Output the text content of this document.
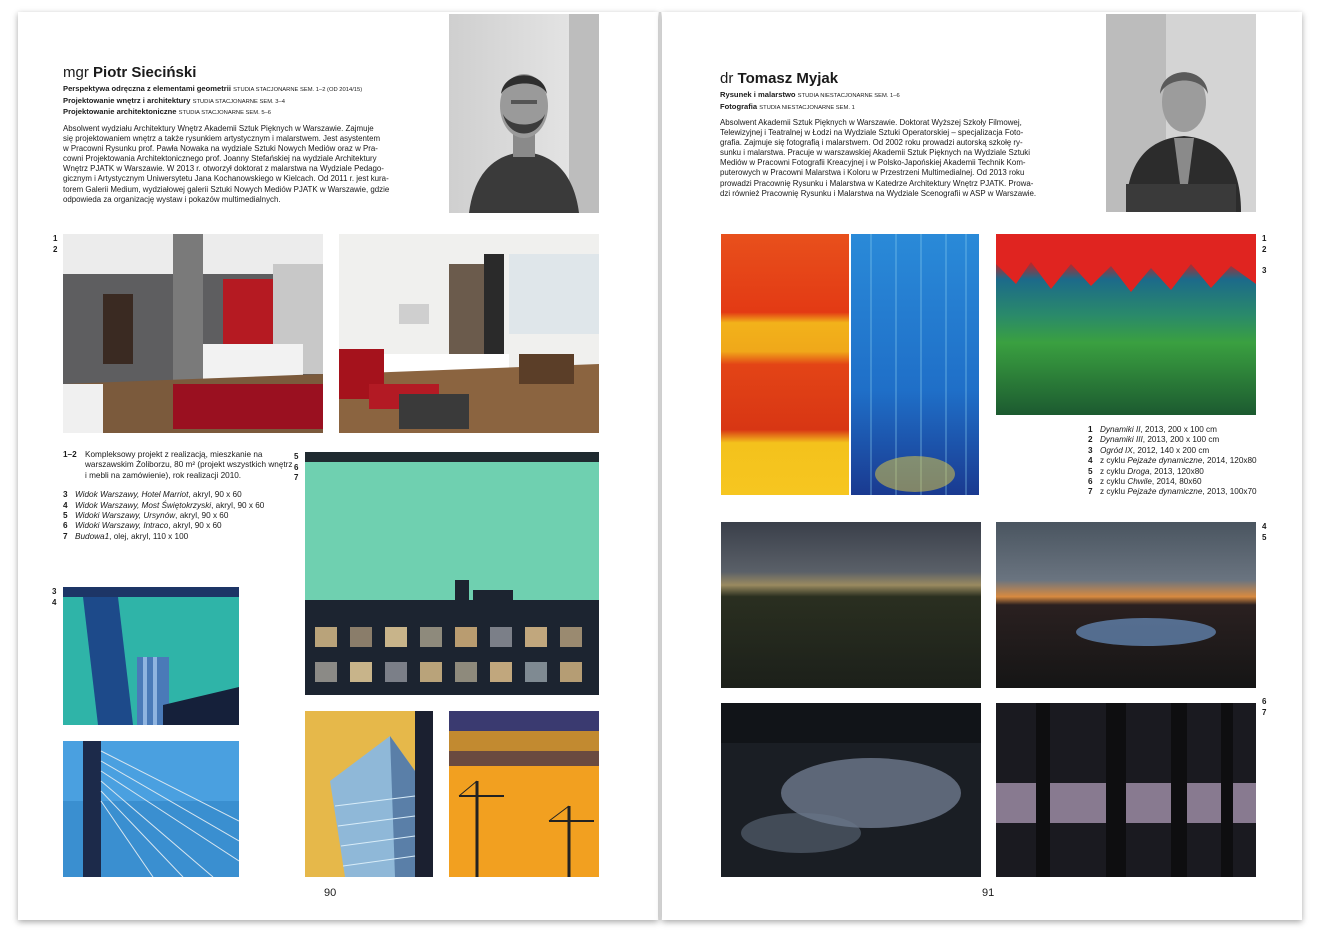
mgr Piotr Sieciński
Perspektywa odręczna z elementami geometrii STUDIA STACJONARNE SEM. 1–2 (OD 2014/15)
Projektowanie wnętrz i architektury STUDIA STACJONARNE SEM. 3–4
Projektowanie architektoniczne STUDIA STACJONARNE SEM. 5–6
Absolwent wydziału Architektury Wnętrz Akademii Sztuk Pięknych w Warszawie. Zajmuje
się projektowaniem wnętrz a także rysunkiem artystycznym i malarstwem. Jest asystentem
w Pracowni Rysunku prof. Pawła Nowaka na wydziale Sztuki Nowych Mediów oraz w Pra-
cowni Projektowania Architektonicznego prof. Joanny Stefańskiej na wydziale Architektury
Wnętrz PJATK w Warszawie. W 2013 r. otworzył doktorat z malarstwa na Wydziale Pedago-
gicznym i Artystycznym Uniwersytetu Jana Kochanowskiego w Kielcach. Od 2011 r. jest kura-
torem Galerii Medium, wydziałowej galerii Sztuki Nowych Mediów PJATK w Warszawie, gdzie
odpowieda za organizację wystaw i pokazów multimedialnych.
1
2
1–2 Kompleksowy projekt z realizacją, mieszkanie na warszawskim Żoliborzu, 80 m² (projekt wszystkich wnętrz i mebli na zamówienie), rok realizacji 2010.
3 Widok Warszawy, Hotel Marriot, akryl, 90 x 60
4 Widok Warszawy, Most Świętokrzyski, akryl, 90 x 60
5 Widoki Warszawy, Ursynów, akryl, 90 x 60
6 Widoki Warszawy, Intraco, akryl, 90 x 60
7 Budowa1, olej, akryl, 110 x 100
5
6
7
3
4
90
dr Tomasz Myjak
Rysunek i malarstwo STUDIA NIESTACJONARNE SEM. 1–6
Fotografia STUDIA NIESTACJONARNE SEM. 1
Absolwent Akademii Sztuk Pięknych w Warszawie. Doktorat Wyższej Szkoły Filmowej,
Telewizyjnej i Teatralnej w Łodzi na Wydziale Sztuki Operatorskiej – specjalizacja Foto-
grafia. Zajmuje się fotografią i malarstwem. Od 2002 roku prowadzi autorską szkołę ry-
sunku i malarstwa. Pracuje w warszawskiej Akademii Sztuk Pięknych na Wydziale Sztuki
Mediów w Pracowni Fotografii Kreacyjnej i w Polsko-Japońskiej Akademii Technik Kom-
puterowych w Pracowni Malarstwa i Koloru w Przestrzeni Multimedialnej. Od 2013 roku
prowadzi Pracownię Rysunku i Malarstwa w Katedrze Architektury Wnętrz PJATK. Prowa-
dzi również Pracownię Rysunku i Malarstwa na Wydziale Scenografii w ASP w Warszawie.
1
2
3
1 Dynamiki II, 2013, 200 x 100 cm
2 Dynamiki III, 2013, 200 x 100 cm
3 Ogród IX, 2012, 140 x 200 cm
4 z cyklu Pejzaże dynamiczne, 2014, 120x80
5 z cyklu Droga, 2013, 120x80
6 z cyklu Chwile, 2014, 80x60
7 z cyklu Pejzaże dynamiczne, 2013, 100x70
4
5
6
7
91
